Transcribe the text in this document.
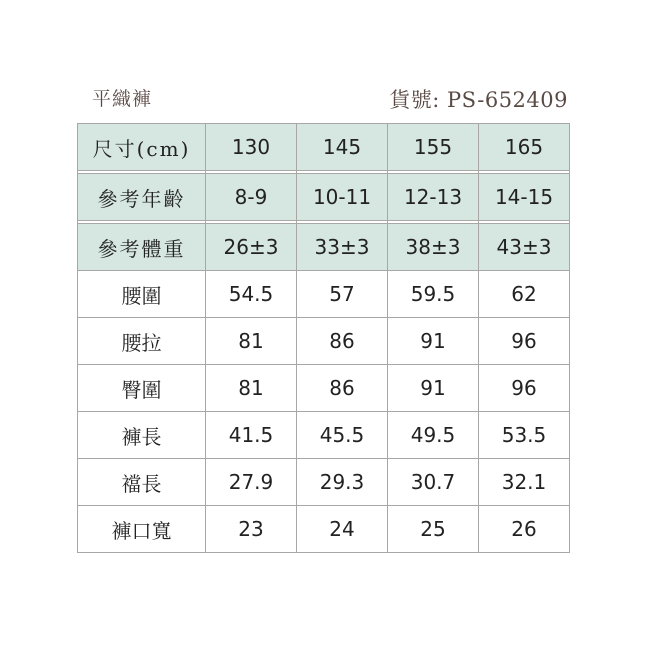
平織褲	貨號: PS-652409
尺寸(cm)	130	145	155	165

參考年齡	8-9	10-11	12-13	14-15

參考體重	26±3	33±3	38±3	43±3
腰圍	54.5	57	59.5	62
腰拉	81	86	91	96
臀圍	81	86	91	96
褲長	41.5	45.5	49.5	53.5
襠長	27.9	29.3	30.7	32.1
褲口寬	23	24	25	26
